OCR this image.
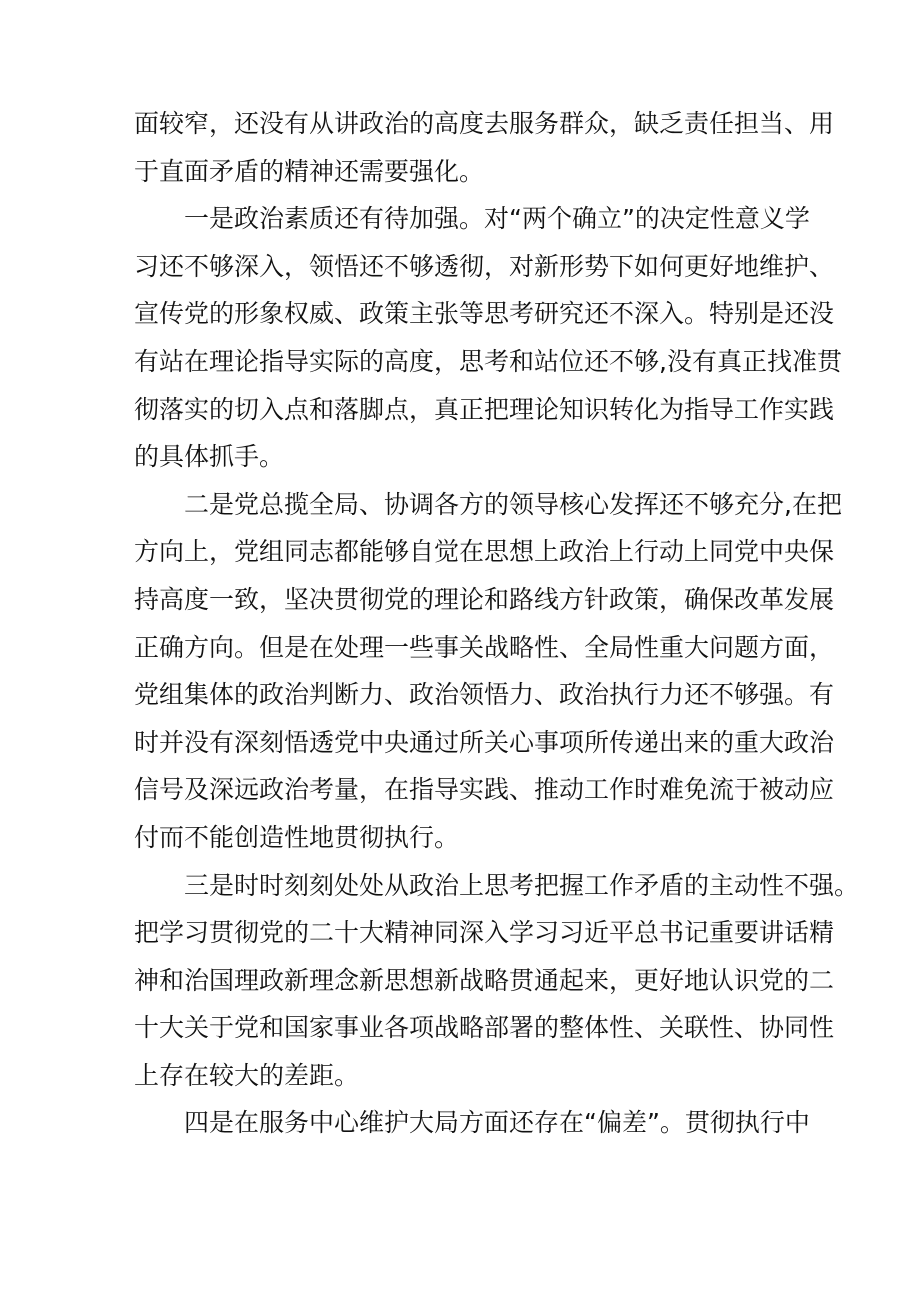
面较窄，还没有从讲政治的高度去服务群众，缺乏责任担当、用
于直面矛盾的精神还需要强化。
一是政治素质还有待加强。对“两个确立”的决定性意义学
习还不够深入，领悟还不够透彻，对新形势下如何更好地维护、
宣传党的形象权威、政策主张等思考研究还不深入。特别是还没
有站在理论指导实际的高度，思考和站位还不够,没有真正找准贯
彻落实的切入点和落脚点，真正把理论知识转化为指导工作实践
的具体抓手。
二是党总揽全局、协调各方的领导核心发挥还不够充分,在把
方向上，党组同志都能够自觉在思想上政治上行动上同党中央保
持高度一致，坚决贯彻党的理论和路线方针政策，确保改革发展
正确方向。但是在处理一些事关战略性、全局性重大问题方面，
党组集体的政治判断力、政治领悟力、政治执行力还不够强。有
时并没有深刻悟透党中央通过所关心事项所传递出来的重大政治
信号及深远政治考量，在指导实践、推动工作时难免流于被动应
付而不能创造性地贯彻执行。
三是时时刻刻处处从政治上思考把握工作矛盾的主动性不强。
把学习贯彻党的二十大精神同深入学习习近平总书记重要讲话精
神和治国理政新理念新思想新战略贯通起来，更好地认识党的二
十大关于党和国家事业各项战略部署的整体性、关联性、协同性
上存在较大的差距。
四是在服务中心维护大局方面还存在“偏差”。贯彻执行中
